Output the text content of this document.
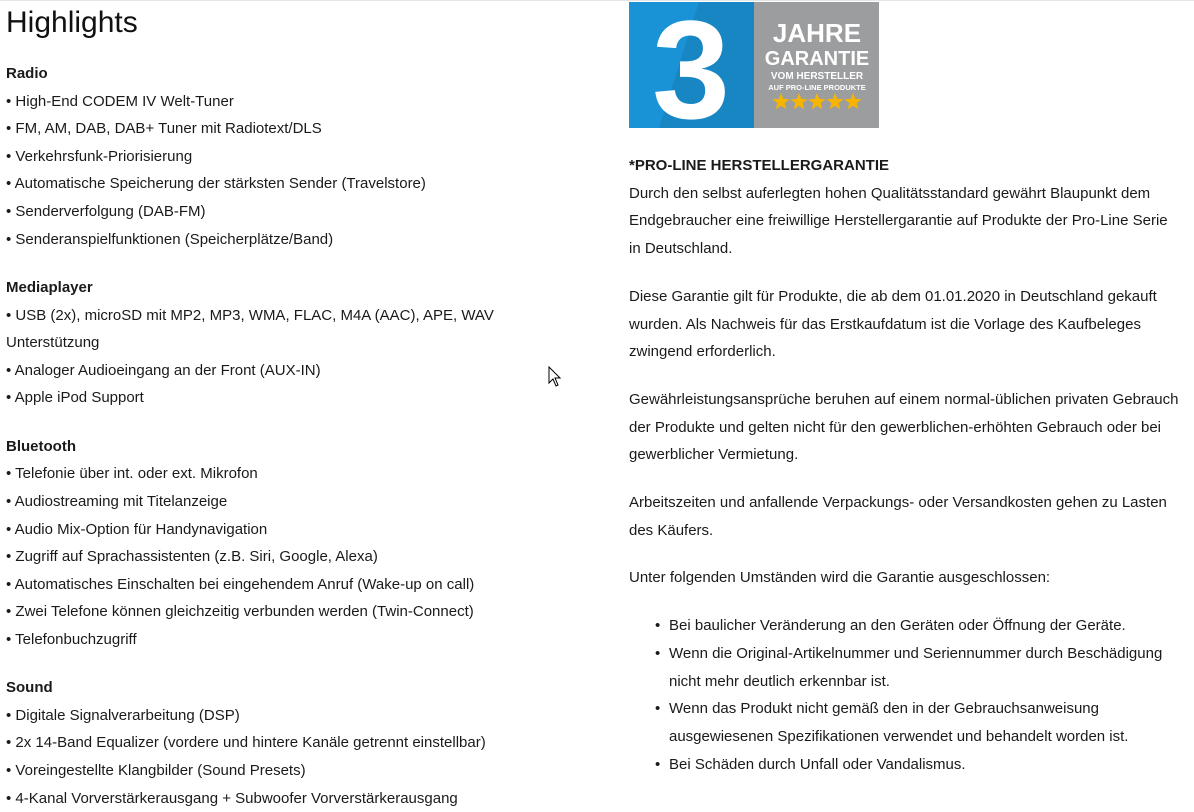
Highlights
Radio
• High-End CODEM IV Welt-Tuner
• FM, AM, DAB, DAB+ Tuner mit Radiotext/DLS
• Verkehrsfunk-Priorisierung
• Automatische Speicherung der stärksten Sender (Travelstore)
• Senderverfolgung (DAB-FM)
• Senderanspielfunktionen (Speicherplätze/Band)
Mediaplayer
• USB (2x), microSD mit MP2, MP3, WMA, FLAC, M4A (AAC), APE, WAV
Unterstützung
• Analoger Audioeingang an der Front (AUX-IN)
• Apple iPod Support
Bluetooth
• Telefonie über int. oder ext. Mikrofon
• Audiostreaming mit Titelanzeige
• Audio Mix-Option für Handynavigation
• Zugriff auf Sprachassistenten (z.B. Siri, Google, Alexa)
• Automatisches Einschalten bei eingehendem Anruf (Wake-up on call)
• Zwei Telefone können gleichzeitig verbunden werden (Twin-Connect)
• Telefonbuchzugriff
Sound
• Digitale Signalverarbeitung (DSP)
• 2x 14-Band Equalizer (vordere und hintere Kanäle getrennt einstellbar)
• Voreingestellte Klangbilder (Sound Presets)
• 4-Kanal Vorverstärkerausgang + Subwoofer Vorverstärkerausgang
3 JAHRE
GARANTIE
VOM HERSTELLER
AUF PRO-LINE PRODUKTE
*PRO-LINE HERSTELLERGARANTIE

Durch den selbst auferlegten hohen Qualitätsstandard gewährt Blaupunkt dem Endgebraucher eine freiwillige Herstellergarantie auf Produkte der Pro-Line Serie in Deutschland.

Diese Garantie gilt für Produkte, die ab dem 01.01.2020 in Deutschland gekauft wurden. Als Nachweis für das Erstkaufdatum ist die Vorlage des Kaufbeleges zwingend erforderlich.

Gewährleistungsansprüche beruhen auf einem normal-üblichen privaten Gebrauch der Produkte und gelten nicht für den gewerblichen-erhöhten Gebrauch oder bei gewerblicher Vermietung.

Arbeitszeiten und anfallende Verpackungs- oder Versandkosten gehen zu Lasten des Käufers.

Unter folgenden Umständen wird die Garantie ausgeschlossen:

• Bei baulicher Veränderung an den Geräten oder Öffnung der Geräte.
• Wenn die Original-Artikelnummer und Seriennummer durch Beschädigung nicht mehr deutlich erkennbar ist.
• Wenn das Produkt nicht gemäß den in der Gebrauchsanweisung ausgewiesenen Spezifikationen verwendet und behandelt worden ist.
• Bei Schäden durch Unfall oder Vandalismus.
